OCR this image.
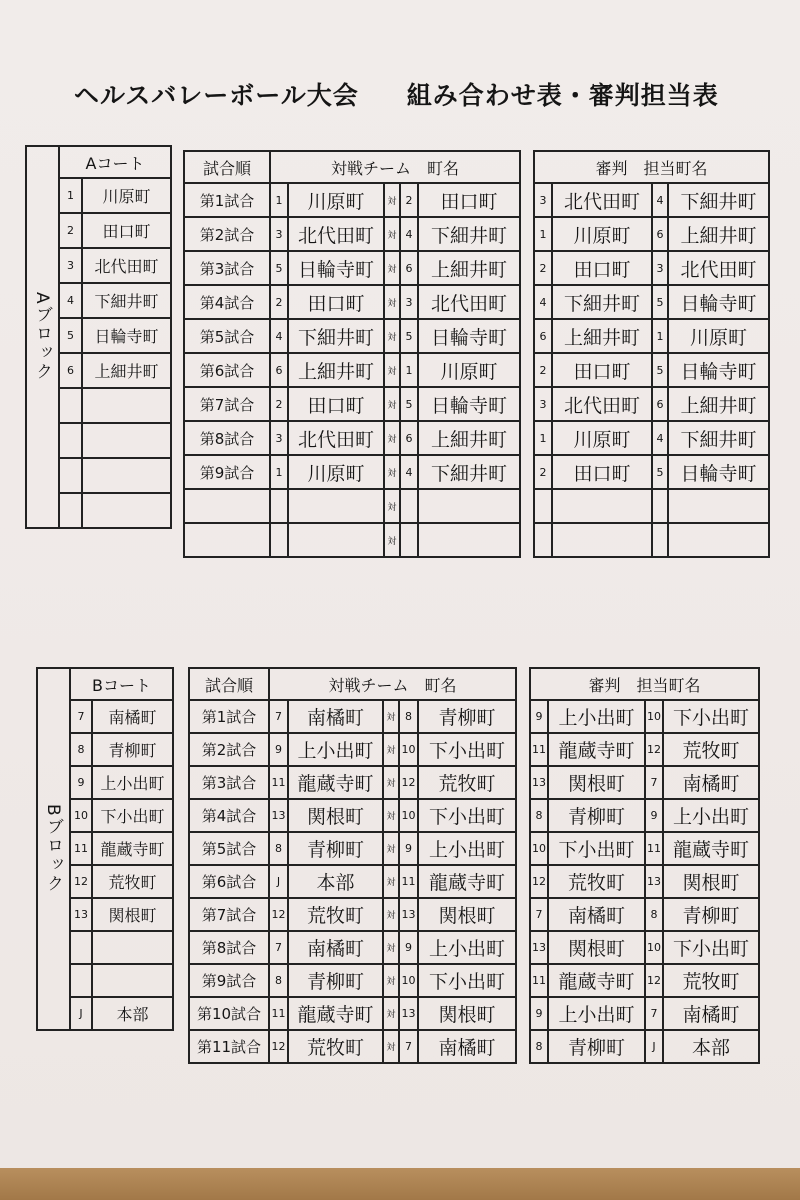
ヘルスバレーボール大会 組み合わせ表・審判担当表
Aブロック	Aコート	
	1	川原町
	2	田口町
	3	北代田町
	4	下細井町
	5	日輪寺町
	6	上細井町

試合順	対戦チーム　町名				
第1試合	1	川原町	対	2	田口町
第2試合	3	北代田町	対	4	下細井町
第3試合	5	日輪寺町	対	6	上細井町
第4試合	2	田口町	対	3	北代田町
第5試合	4	下細井町	対	5	日輪寺町
第6試合	6	上細井町	対	1	川原町
第7試合	2	田口町	対	5	日輪寺町
第8試合	3	北代田町	対	6	上細井町
第9試合	1	川原町	対	4	下細井町
			対		
			対		
審判　担当町名			
3	北代田町	4	下細井町
1	川原町	6	上細井町
2	田口町	3	北代田町
4	下細井町	5	日輪寺町
6	上細井町	1	川原町
2	田口町	5	日輪寺町
3	北代田町	6	上細井町
1	川原町	4	下細井町
2	田口町	5	日輪寺町

Bブロック	Bコート	
	7	南橘町
	8	青柳町
	9	上小出町
	10	下小出町
	11	龍蔵寺町
	12	荒牧町
	13	関根町

	J	本部
試合順	対戦チーム　町名				
第1試合	7	南橘町	対	8	青柳町
第2試合	9	上小出町	対	10	下小出町
第3試合	11	龍蔵寺町	対	12	荒牧町
第4試合	13	関根町	対	10	下小出町
第5試合	8	青柳町	対	9	上小出町
第6試合	J	本部	対	11	龍蔵寺町
第7試合	12	荒牧町	対	13	関根町
第8試合	7	南橘町	対	9	上小出町
第9試合	8	青柳町	対	10	下小出町
第10試合	11	龍蔵寺町	対	13	関根町
第11試合	12	荒牧町	対	7	南橘町
審判　担当町名			
9	上小出町	10	下小出町
11	龍蔵寺町	12	荒牧町
13	関根町	7	南橘町
8	青柳町	9	上小出町
10	下小出町	11	龍蔵寺町
12	荒牧町	13	関根町
7	南橘町	8	青柳町
13	関根町	10	下小出町
11	龍蔵寺町	12	荒牧町
9	上小出町	7	南橘町
8	青柳町	J	本部
